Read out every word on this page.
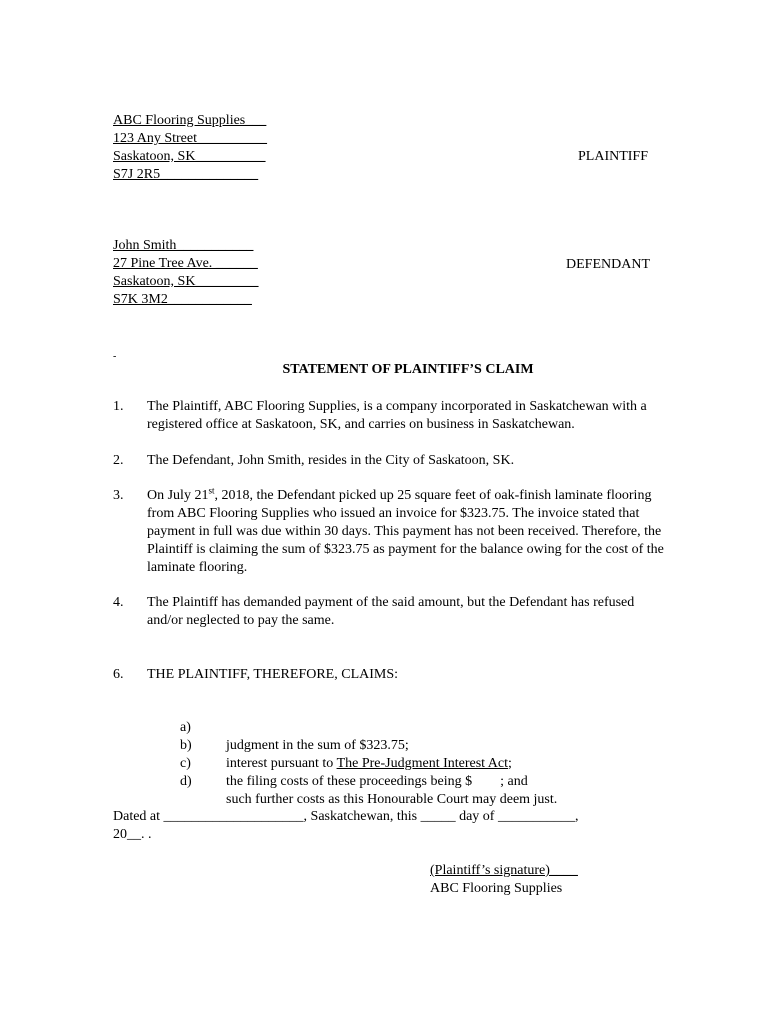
ABC Flooring Supplies___
123 Any Street__________
Saskatoon, SK__________
S7J 2R5______________
PLAINTIFF
John Smith___________
27 Pine Tree Ave. ______
Saskatoon, SK_________
S7K 3M2____________
DEFENDANT
-
STATEMENT OF PLAINTIFF’S CLAIM
1. The Plaintiff, ABC Flooring Supplies, is a company incorporated in Saskatchewan with a registered office at Saskatoon, SK, and carries on business in Saskatchewan.
2. The Defendant, John Smith, resides in the City of Saskatoon, SK.
3. On July 21st, 2018, the Defendant picked up 25 square feet of oak-finish laminate flooring from ABC Flooring Supplies who issued an invoice for $323.75. The invoice stated that payment in full was due within 30 days. This payment has not been received. Therefore, the Plaintiff is claiming the sum of $323.75 as payment for the balance owing for the cost of the laminate flooring.
4. The Plaintiff has demanded payment of the said amount, but the Defendant has refused and/or neglected to pay the same.
6. THE PLAINTIFF, THEREFORE, CLAIMS:

a)

judgment in the sum of $323.75;

b)

interest pursuant to The Pre-Judgment Interest Act;

c)

the filing costs of these proceedings being $        ; and

d)

such further costs as this Honourable Court may deem just.

Dated at ____________________, Saskatchewan, this _____ day of ___________,
20__. .
(Plaintiff’s signature)____
ABC Flooring Supplies
